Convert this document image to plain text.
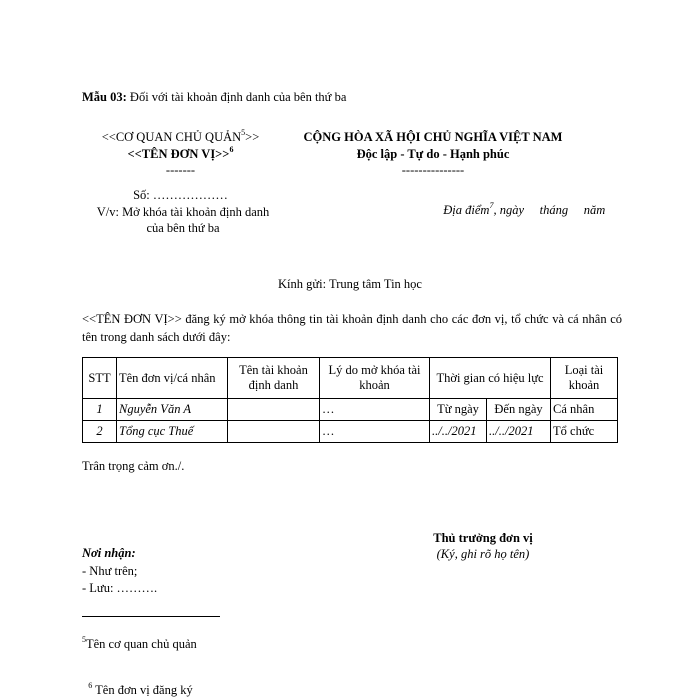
Mẫu 03: Đối với tài khoản định danh của bên thứ ba
<<CƠ QUAN CHỦ QUẢN$^5$>>
<<TÊN ĐƠN VỊ>>$^6$
-------
Số: ………………
V/v: Mở khóa tài khoản định danh
của bên thứ ba
CỘNG HÒA XÃ HỘI CHỦ NGHĨA VIỆT NAM
Độc lập - Tự do - Hạnh phúc
---------------

Địa điểm$^7$, ngày     tháng     năm

Kính gửi: Trung tâm Tin học
<<TÊN ĐƠN VỊ>> đăng ký mở khóa thông tin tài khoản định danh cho các đơn vị, tổ chức và cá nhân có tên trong danh sách dưới đây:
STT	Tên đơn vị/cá nhân	Tên tài khoản định danh	Lý do mở khóa tài khoản	Thời gian có hiệu lực		Loại tài khoản
1	Nguyễn Văn A		…	Từ ngày	Đến ngày	Cá nhân
2	Tổng cục Thuế		…	../../2021	../../2021	Tổ chức
Trân trọng cảm ơn./.
Thủ trưởng đơn vị
(Ký, ghi rõ họ tên)
Nơi nhận:
- Như trên;
- Lưu: ……….
$^5$Tên cơ quan chủ quản

$^6$ Tên đơn vị đăng ký
